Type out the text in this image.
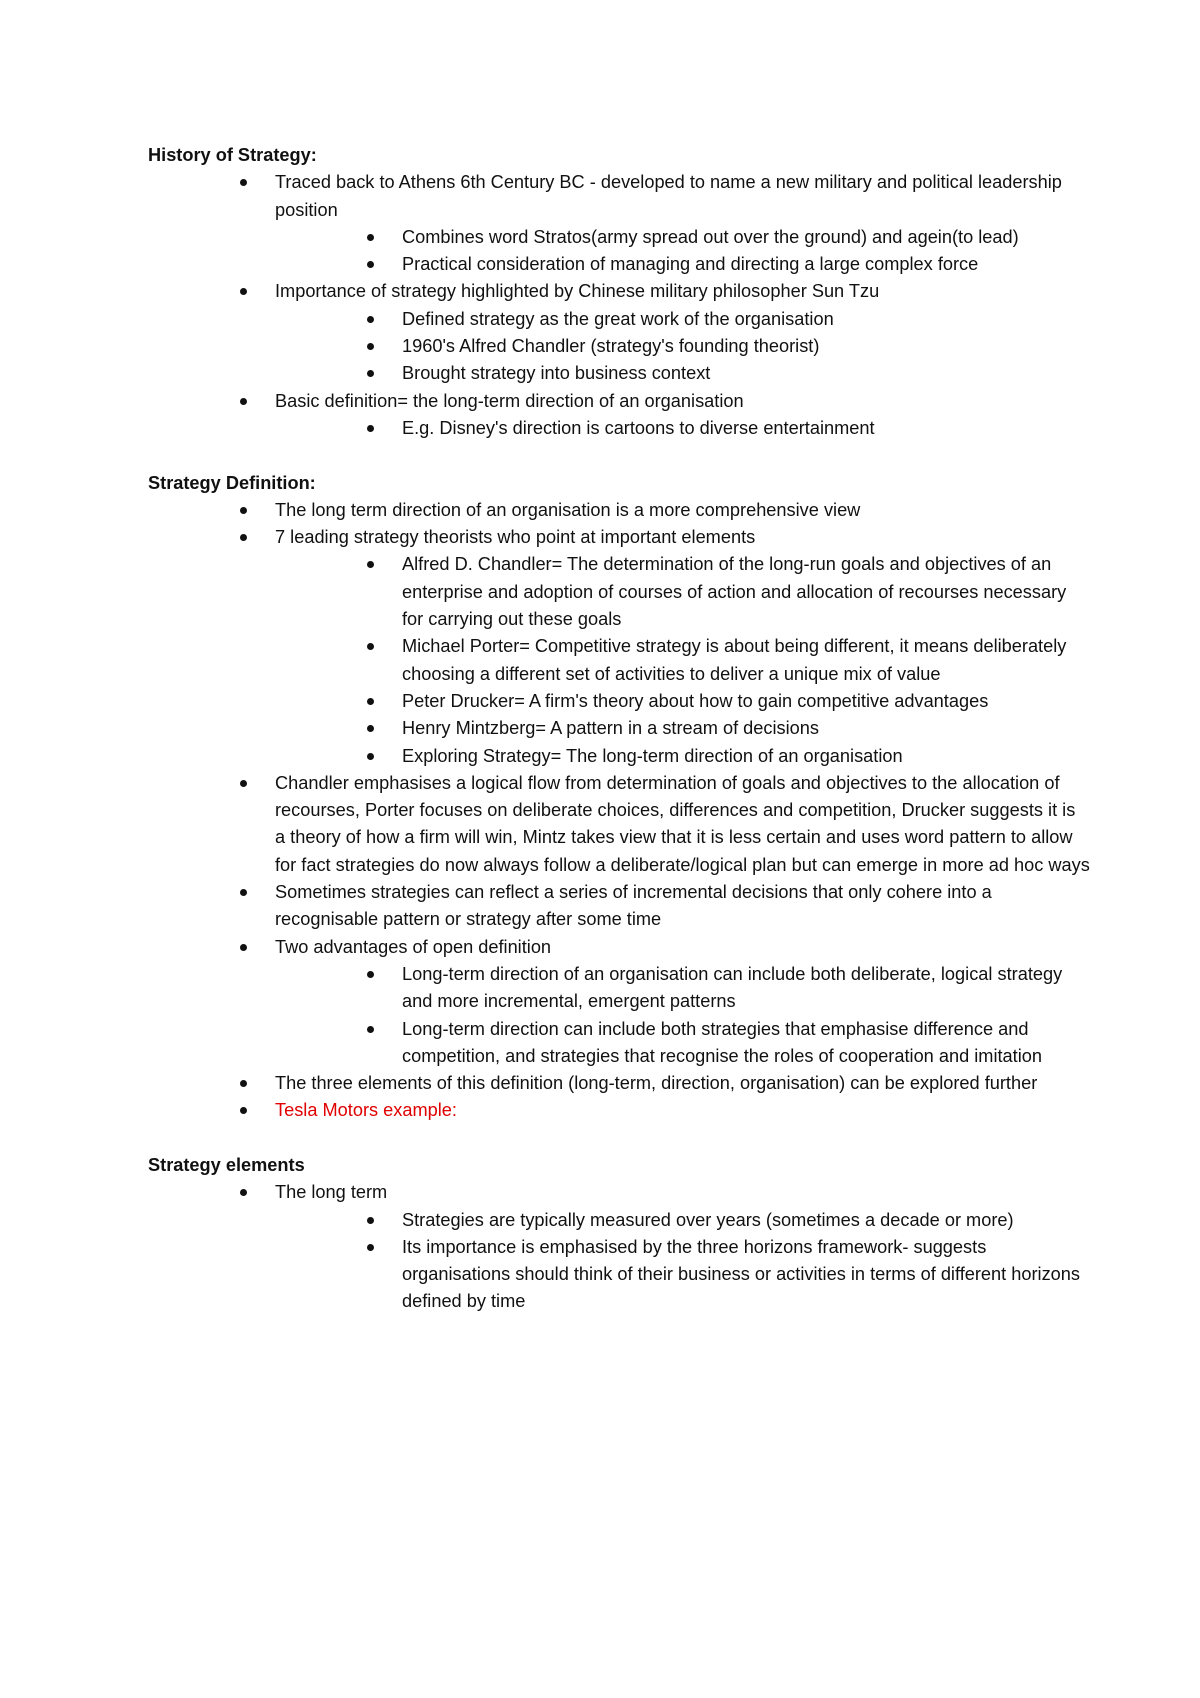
History of Strategy:

Traced back to Athens 6th Century BC - developed to name a new military and political leadership position
Combines word Stratos(army spread out over the ground) and agein(to lead)
Practical consideration of managing and directing a large complex force
Importance of strategy highlighted by Chinese military philosopher Sun Tzu
Defined strategy as the great work of the organisation
1960's Alfred Chandler (strategy's founding theorist)
Brought strategy into business context
Basic definition= the long-term direction of an organisation
E.g. Disney's direction is cartoons to diverse entertainment

Strategy Definition:

The long term direction of an organisation is a more comprehensive view
7 leading strategy theorists who point at important elements
Alfred D. Chandler= The determination of the long-run goals and objectives of an enterprise and adoption of courses of action and allocation of recourses necessary for carrying out these goals
Michael Porter= Competitive strategy is about being different, it means deliberately choosing a different set of activities to deliver a unique mix of value
Peter Drucker= A firm's theory about how to gain competitive advantages
Henry Mintzberg= A pattern in a stream of decisions
Exploring Strategy= The long-term direction of an organisation
Chandler emphasises a logical flow from determination of goals and objectives to the allocation of recourses, Porter focuses on deliberate choices, differences and competition, Drucker suggests it is a theory of how a firm will win, Mintz takes view that it is less certain and uses word pattern to allow for fact strategies do now always follow a deliberate/logical plan but can emerge in more ad hoc ways
Sometimes strategies can reflect a series of incremental decisions that only cohere into a recognisable pattern or strategy after some time
Two advantages of open definition
Long-term direction of an organisation can include both deliberate, logical strategy and more incremental, emergent patterns
Long-term direction can include both strategies that emphasise difference and competition, and strategies that recognise the roles of cooperation and imitation
The three elements of this definition (long-term, direction, organisation) can be explored further
Tesla Motors example:

Strategy elements

The long term
Strategies are typically measured over years (sometimes a decade or more)
Its importance is emphasised by the three horizons framework- suggests organisations should think of their business or activities in terms of different horizons defined by time
